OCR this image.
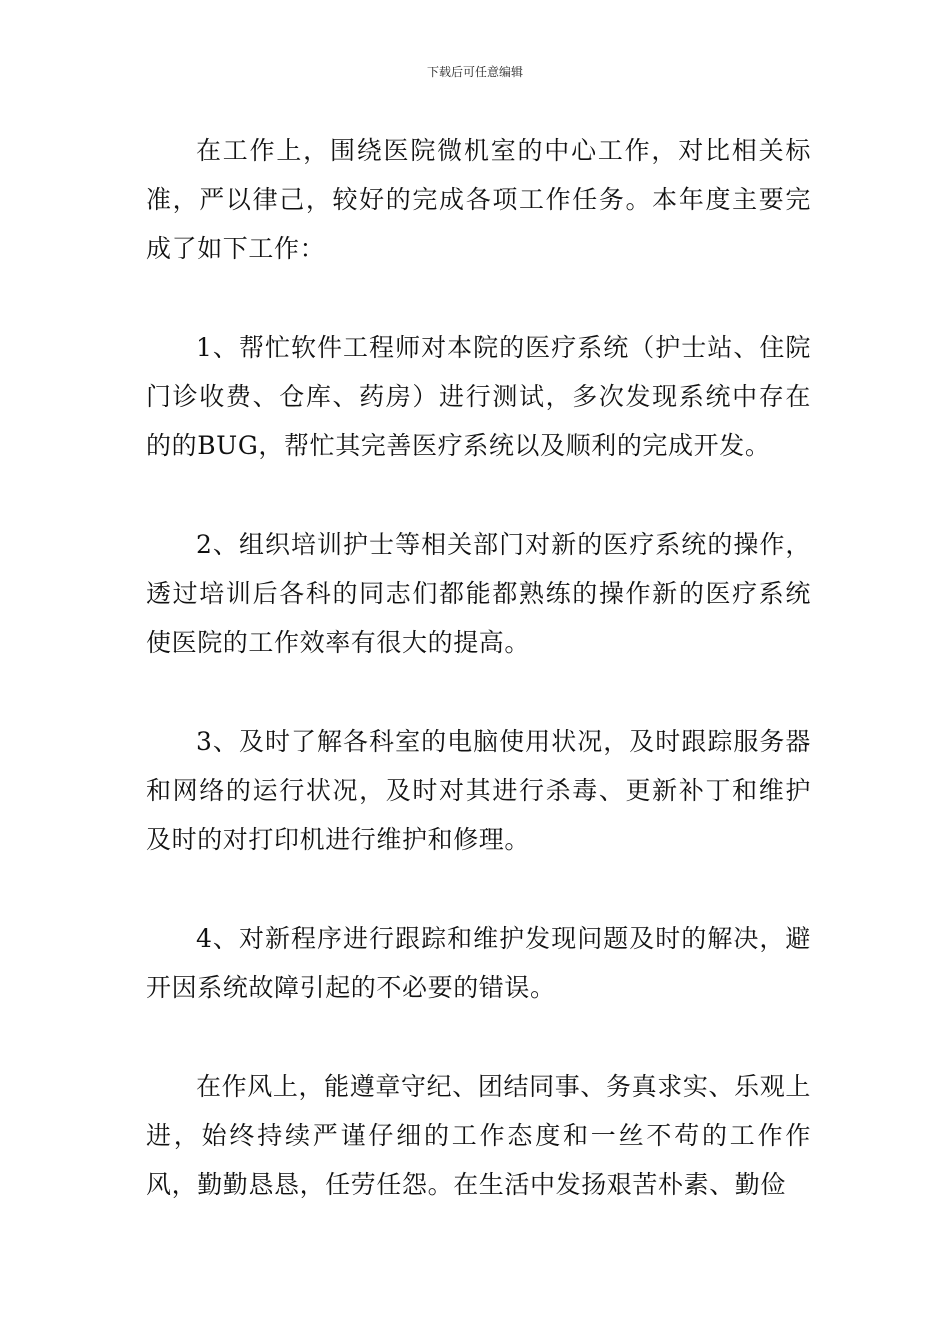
下载后可任意编辑

在工作上，围绕医院微机室的中心工作，对比相关标准，严以律己，较好的完成各项工作任务。本年度主要完成了如下工作：

1、帮忙软件工程师对本院的医疗系统（护士站、住院门诊收费、仓库、药房）进行测试，多次发现系统中存在的的BUG，帮忙其完善医疗系统以及顺利的完成开发。

2、组织培训护士等相关部门对新的医疗系统的操作，透过培训后各科的同志们都能都熟练的操作新的医疗系统使医院的工作效率有很大的提高。

3、及时了解各科室的电脑使用状况，及时跟踪服务器和网络的运行状况，及时对其进行杀毒、更新补丁和维护及时的对打印机进行维护和修理。

4、对新程序进行跟踪和维护发现问题及时的解决，避开因系统故障引起的不必要的错误。

在作风上，能遵章守纪、团结同事、务真求实、乐观上进，始终持续严谨仔细的工作态度和一丝不苟的工作作风，勤勤恳恳，任劳任怨。在生活中发扬艰苦朴素、勤俭
